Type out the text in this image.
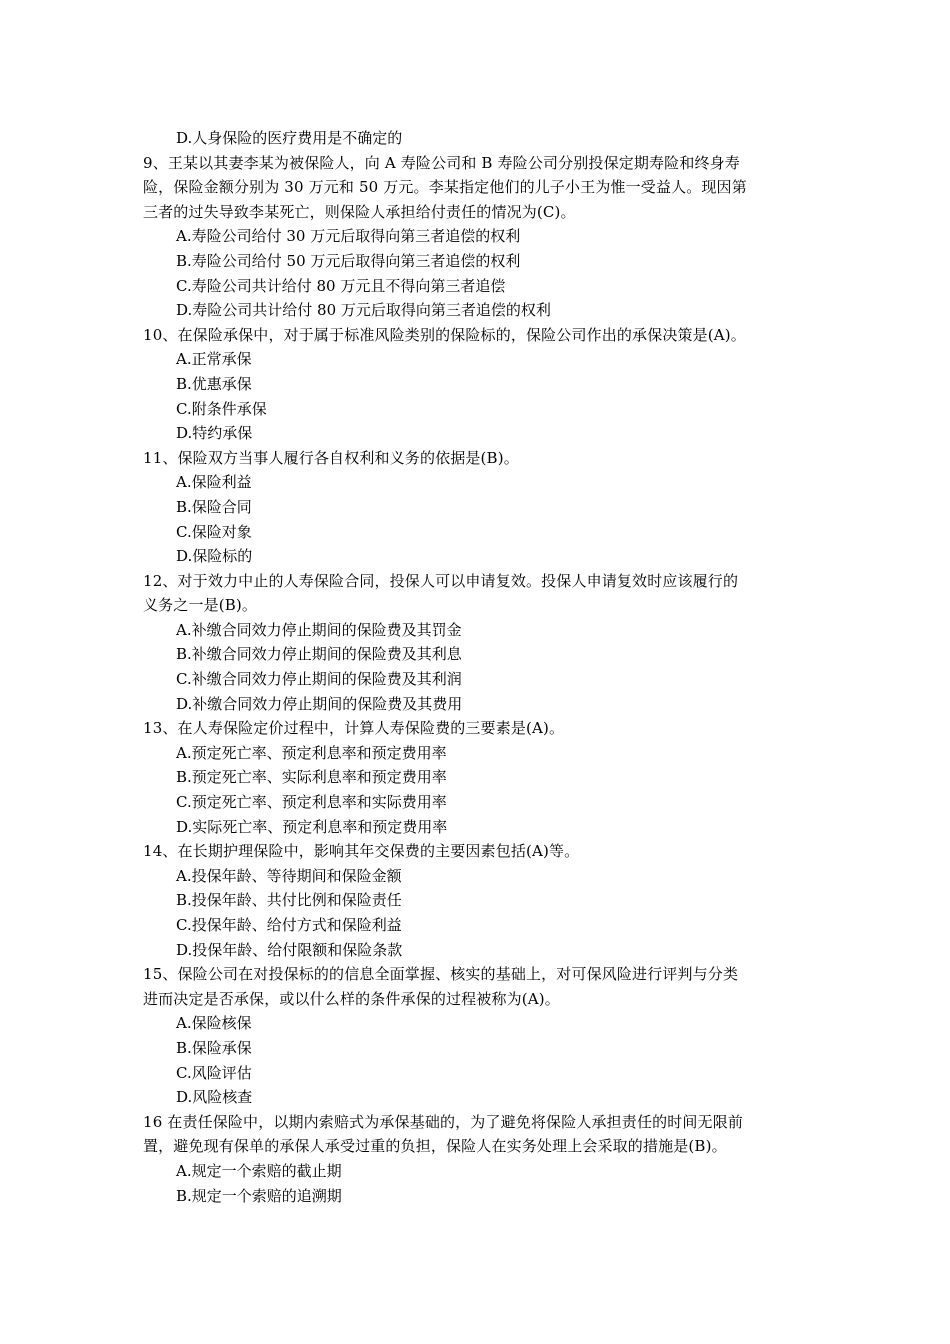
D.人身保险的医疗费用是不确定的
9、王某以其妻李某为被保险人，向 A 寿险公司和 B 寿险公司分别投保定期寿险和终身寿
险，保险金额分别为 30 万元和 50 万元。李某指定他们的儿子小王为惟一受益人。现因第
三者的过失导致李某死亡，则保险人承担给付责任的情况为(C)。
A.寿险公司给付 30 万元后取得向第三者追偿的权利
B.寿险公司给付 50 万元后取得向第三者追偿的权利
C.寿险公司共计给付 80 万元且不得向第三者追偿
D.寿险公司共计给付 80 万元后取得向第三者追偿的权利
10、在保险承保中，对于属于标准风险类别的保险标的，保险公司作出的承保决策是(A)。
A.正常承保
B.优惠承保
C.附条件承保
D.特约承保
11、保险双方当事人履行各自权利和义务的依据是(B)。
A.保险利益
B.保险合同
C.保险对象
D.保险标的
12、对于效力中止的人寿保险合同，投保人可以申请复效。投保人申请复效时应该履行的
义务之一是(B)。
A.补缴合同效力停止期间的保险费及其罚金
B.补缴合同效力停止期间的保险费及其利息
C.补缴合同效力停止期间的保险费及其利润
D.补缴合同效力停止期间的保险费及其费用
13、在人寿保险定价过程中，计算人寿保险费的三要素是(A)。
A.预定死亡率、预定利息率和预定费用率
B.预定死亡率、实际利息率和预定费用率
C.预定死亡率、预定利息率和实际费用率
D.实际死亡率、预定利息率和预定费用率
14、在长期护理保险中，影响其年交保费的主要因素包括(A)等。
A.投保年龄、等待期间和保险金额
B.投保年龄、共付比例和保险责任
C.投保年龄、给付方式和保险利益
D.投保年龄、给付限额和保险条款
15、保险公司在对投保标的的信息全面掌握、核实的基础上，对可保风险进行评判与分类
进而决定是否承保，或以什么样的条件承保的过程被称为(A)。
A.保险核保
B.保险承保
C.风险评估
D.风险核查
16 在责任保险中，以期内索赔式为承保基础的，为了避免将保险人承担责任的时间无限前
置，避免现有保单的承保人承受过重的负担，保险人在实务处理上会采取的措施是(B)。
A.规定一个索赔的截止期
B.规定一个索赔的追溯期
